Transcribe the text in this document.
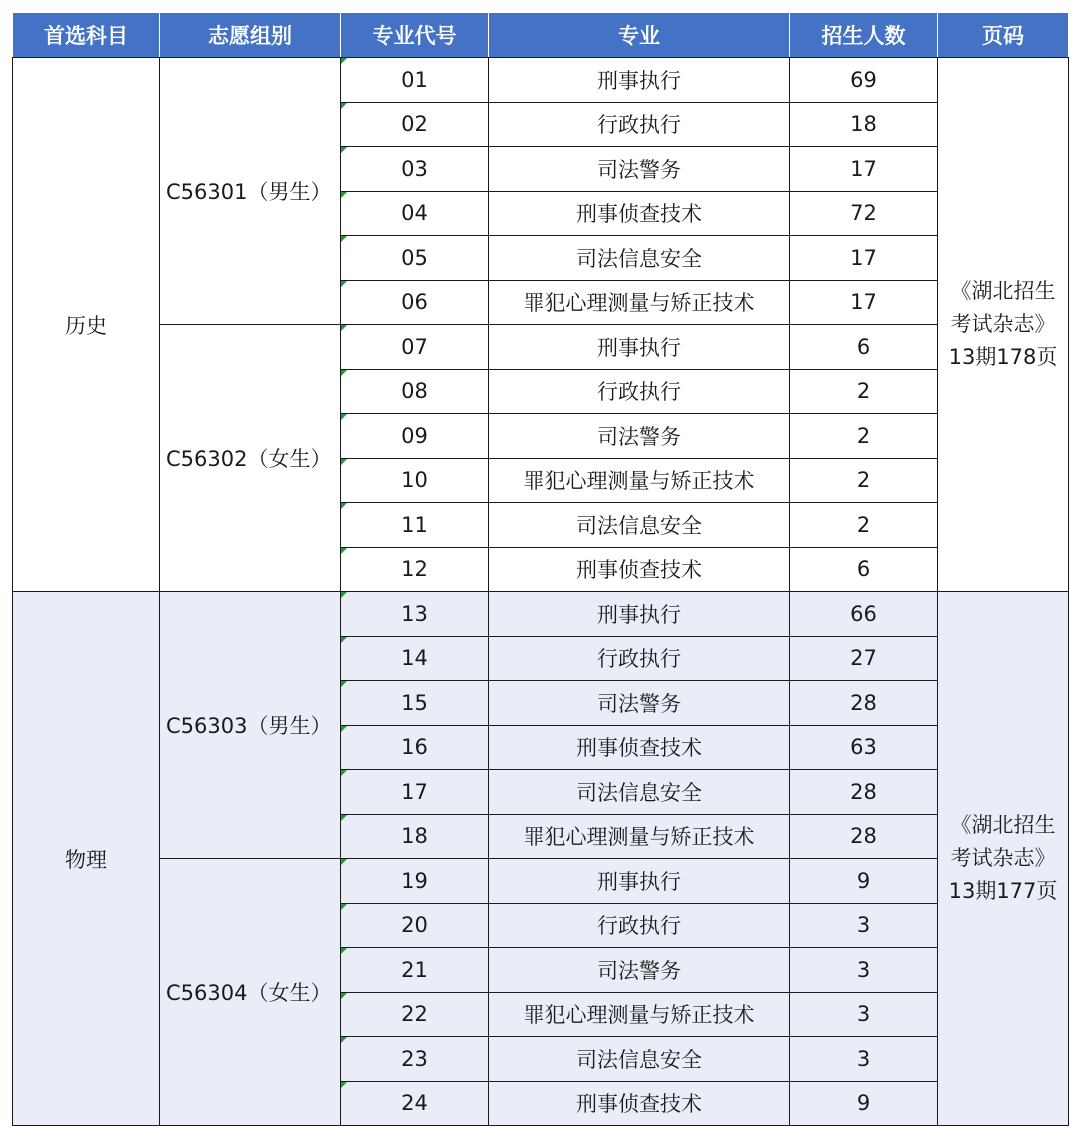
首选科目	志愿组别	专业代号	专业	招生人数	页码
历史	C56301（男生）	01	刑事执行	69	《湖北招生
考试杂志》
13期178页

		02	行政执行	18	
		03	司法警务	17	
		04	刑事侦查技术	72	
		05	司法信息安全	17	
		06	罪犯心理测量与矫正技术	17	
	C56302（女生）	07	刑事执行	6	
		08	行政执行	2	
		09	司法警务	2	
		10	罪犯心理测量与矫正技术	2	
		11	司法信息安全	2	
		12	刑事侦查技术	6	
物理	C56303（男生）	13	刑事执行	66	《湖北招生
考试杂志》
13期177页

		14	行政执行	27	
		15	司法警务	28	
		16	刑事侦查技术	63	
		17	司法信息安全	28	
		18	罪犯心理测量与矫正技术	28	
	C56304（女生）	19	刑事执行	9	
		20	行政执行	3	
		21	司法警务	3	
		22	罪犯心理测量与矫正技术	3	
		23	司法信息安全	3	
		24	刑事侦查技术	9	
